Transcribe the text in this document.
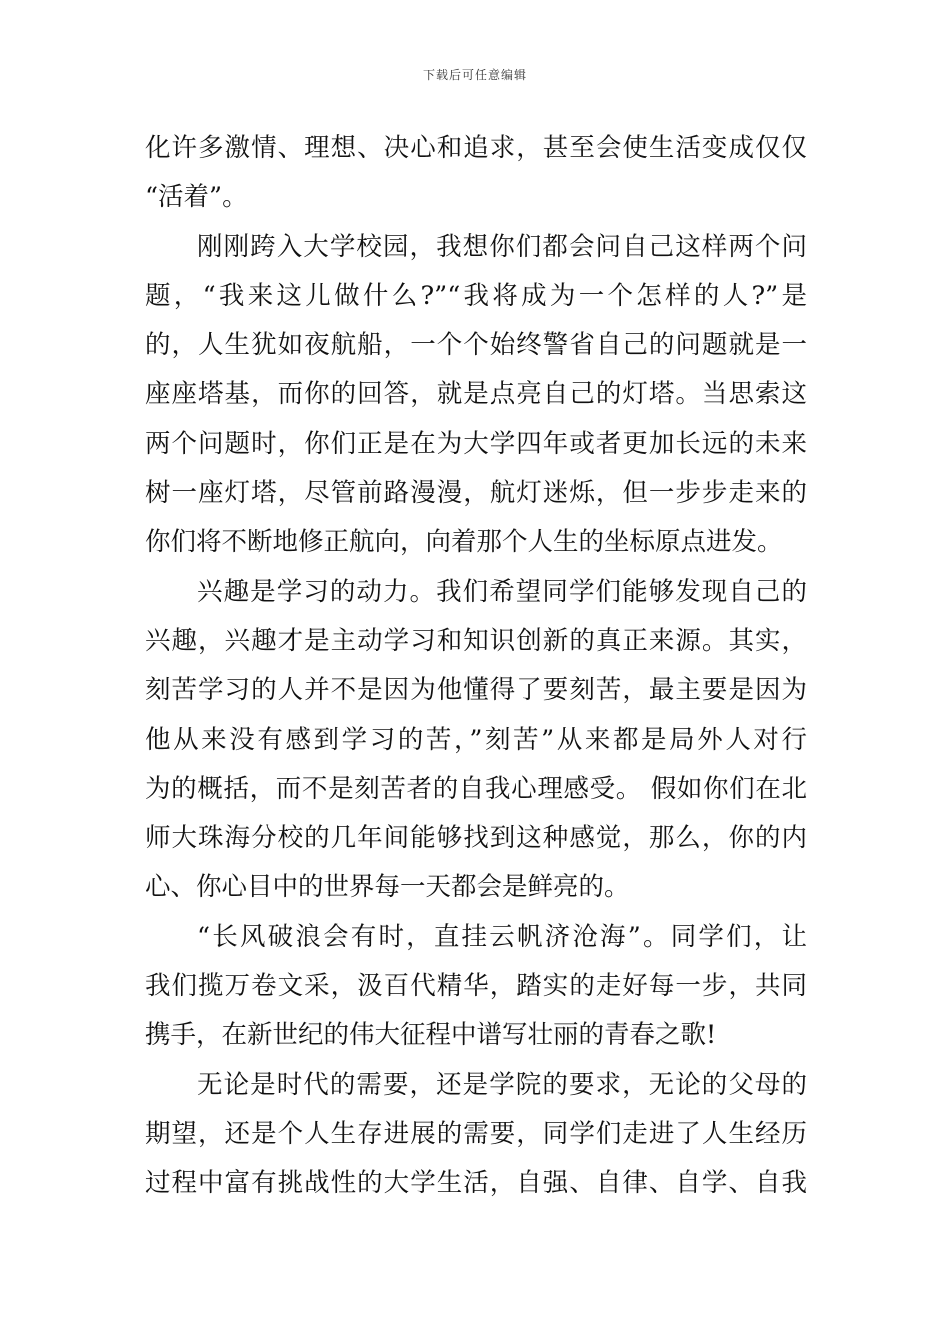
下载后可任意编辑
化许多激情、理想、决心和追求，甚至会使生活变成仅仅
“活着”。
刚刚跨入大学校园，我想你们都会问自己这样两个问
题，“我来这儿做什么?”“我将成为一个怎样的人?”是
的，人生犹如夜航船，一个个始终警省自己的问题就是一
座座塔基，而你的回答，就是点亮自己的灯塔。当思索这
两个问题时，你们正是在为大学四年或者更加长远的未来
树一座灯塔，尽管前路漫漫，航灯迷烁，但一步步走来的
你们将不断地修正航向，向着那个人生的坐标原点进发。
兴趣是学习的动力。我们希望同学们能够发现自己的
兴趣，兴趣才是主动学习和知识创新的真正来源。其实，
刻苦学习的人并不是因为他懂得了要刻苦，最主要是因为
他从来没有感到学习的苦，”刻苦”从来都是局外人对行
为的概括，而不是刻苦者的自我心理感受。 假如你们在北
师大珠海分校的几年间能够找到这种感觉，那么，你的内
心、你心目中的世界每一天都会是鲜亮的。
“长风破浪会有时，直挂云帆济沧海”。同学们，让
我们揽万卷文采，汲百代精华，踏实的走好每一步，共同
携手，在新世纪的伟大征程中谱写壮丽的青春之歌!
无论是时代的需要，还是学院的要求，无论的父母的
期望，还是个人生存进展的需要，同学们走进了人生经历
过程中富有挑战性的大学生活，自强、自律、自学、自我
